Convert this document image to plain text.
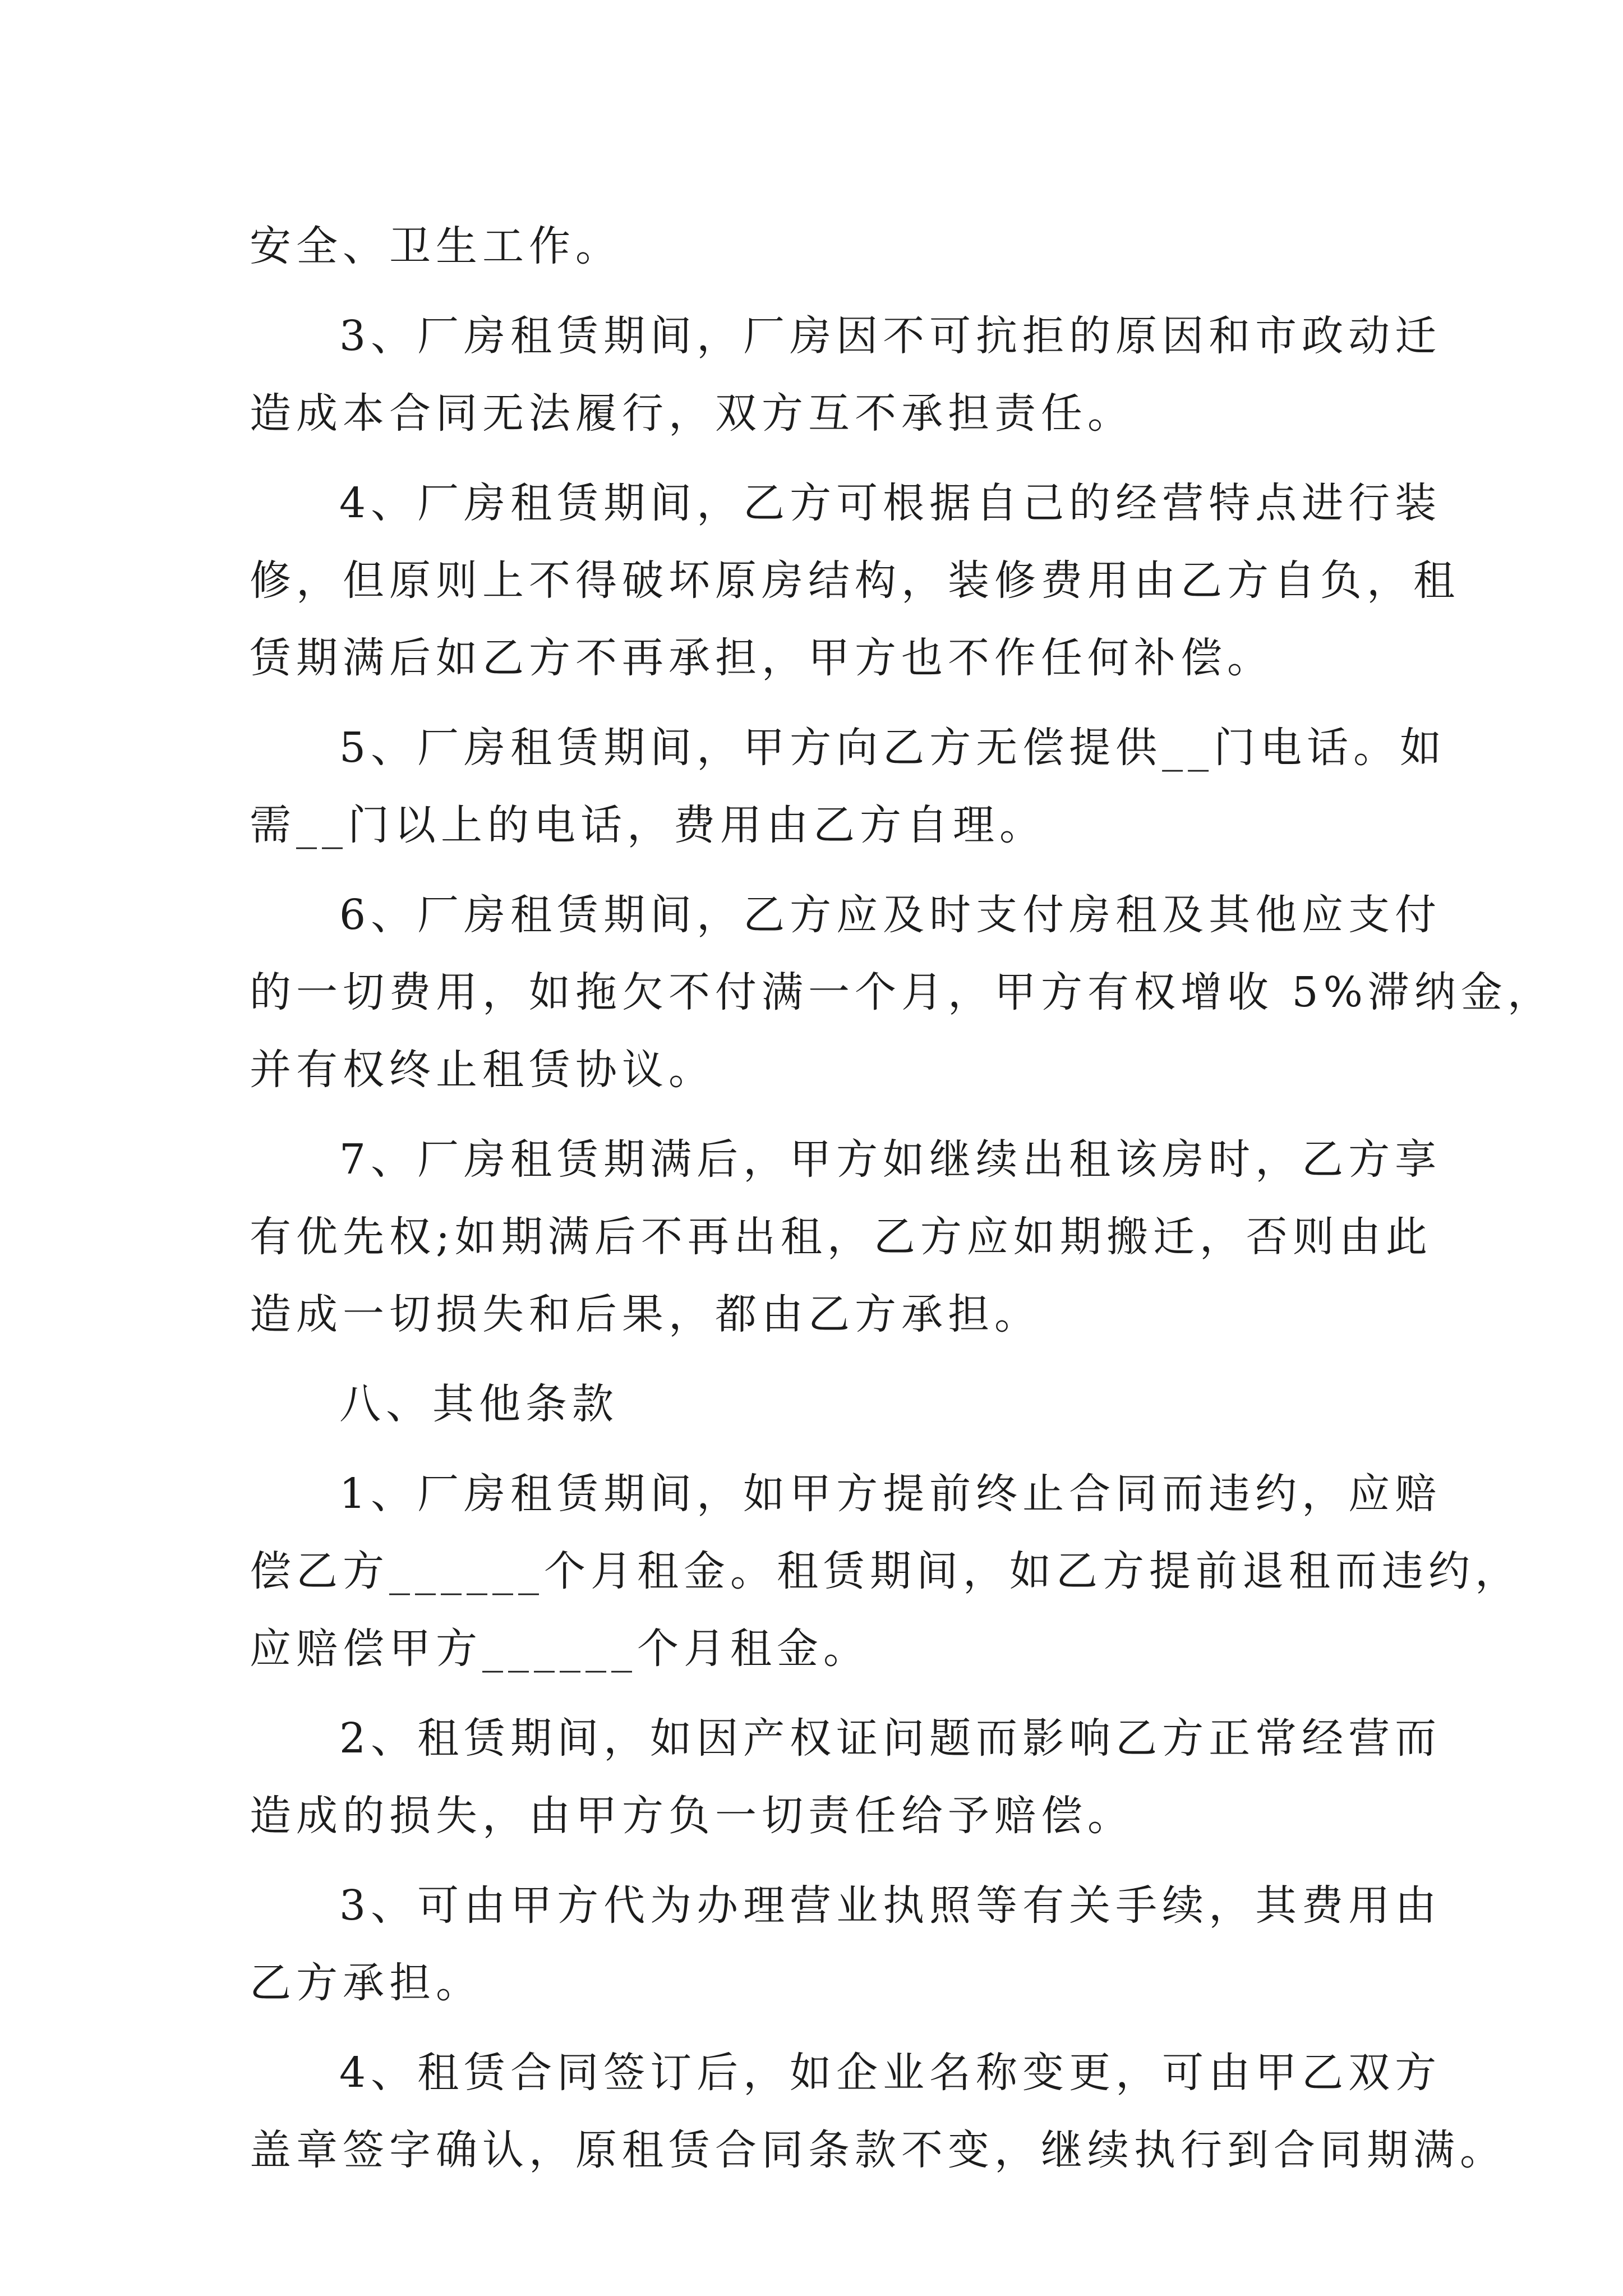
安全、卫生工作。
3、厂房租赁期间，厂房因不可抗拒的原因和市政动迁
造成本合同无法履行，双方互不承担责任。
4、厂房租赁期间，乙方可根据自己的经营特点进行装
修，但原则上不得破坏原房结构，装修费用由乙方自负，租
赁期满后如乙方不再承担，甲方也不作任何补偿。
5、厂房租赁期间，甲方向乙方无偿提供__门电话。如
需__门以上的电话，费用由乙方自理。
6、厂房租赁期间，乙方应及时支付房租及其他应支付
的一切费用，如拖欠不付满一个月，甲方有权增收 5%滞纳金，
并有权终止租赁协议。
7、厂房租赁期满后，甲方如继续出租该房时，乙方享
有优先权;如期满后不再出租，乙方应如期搬迁，否则由此
造成一切损失和后果，都由乙方承担。
八、其他条款
1、厂房租赁期间，如甲方提前终止合同而违约，应赔
偿乙方______个月租金。租赁期间，如乙方提前退租而违约，
应赔偿甲方______个月租金。
2、租赁期间，如因产权证问题而影响乙方正常经营而
造成的损失，由甲方负一切责任给予赔偿。
3、可由甲方代为办理营业执照等有关手续，其费用由
乙方承担。
4、租赁合同签订后，如企业名称变更，可由甲乙双方
盖章签字确认，原租赁合同条款不变，继续执行到合同期满。
